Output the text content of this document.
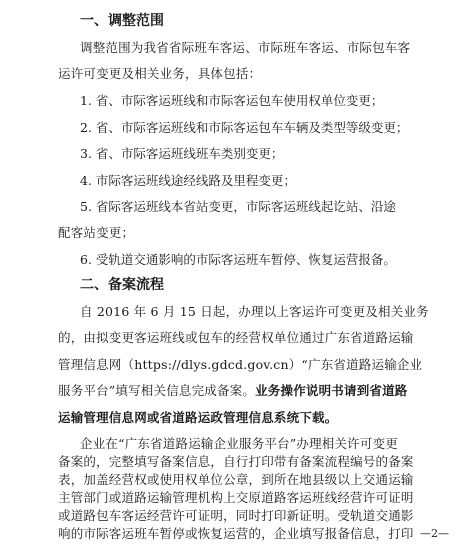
一、调整范围
调整范围为我省省际班车客运、市际班车客运、市际包车客
运许可变更及相关业务，具体包括：
1. 省、市际客运班线和市际客运包车使用权单位变更；
2. 省、市际客运班线和市际客运包车车辆及类型等级变更；
3. 省、市际客运班线班车类别变更；
4. 市际客运班线途经线路及里程变更；
5. 省际客运班线本省站变更，市际客运班线起讫站、沿途
配客站变更；
6. 受轨道交通影响的市际客运班车暂停、恢复运营报备。
二、备案流程
自 2016 年 6 月 15 日起，办理以上客运许可变更及相关业务
的，由拟变更客运班线或包车的经营权单位通过广东省道路运输
管理信息网（https://dlys.gdcd.gov.cn）“广东省道路运输企业
服务平台”填写相关信息完成备案。业务操作说明书请到省道路
运输管理信息网或省道路运政管理信息系统下载。
企业在“广东省道路运输企业服务平台”办理相关许可变更
备案的，完整填写备案信息，自行打印带有备案流程编号的备案
表，加盖经营权或使用权单位公章，到所在地县级以上交通运输
主管部门或道路运输管理机构上交原道路客运班线经营许可证明
—2—
或道路包车客运经营许可证明，同时打印新证明。受轨道交通影
响的市际客运班车暂停或恢复运营的，企业填写报备信息，打印
